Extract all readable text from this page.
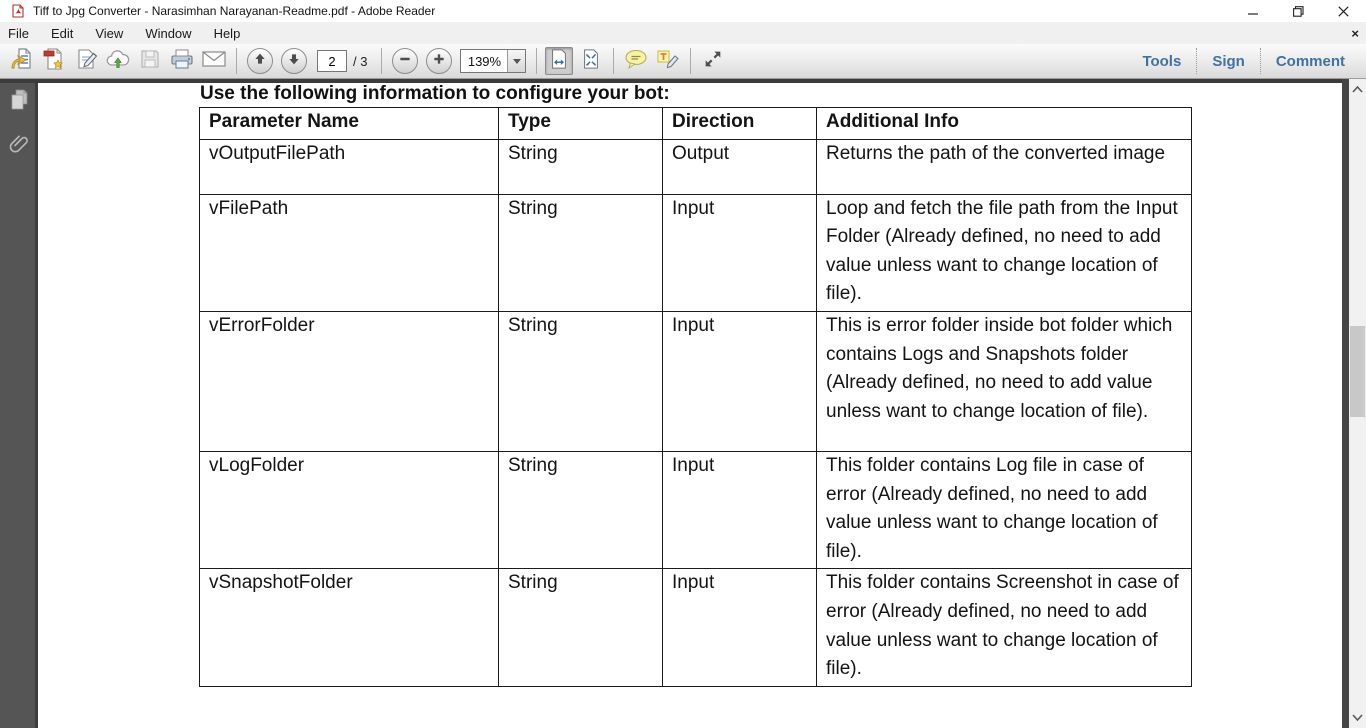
Tiff to Jpg Converter - Narasimhan Narayanan-Readme.pdf - Adobe Reader
File	Edit	View	Window	Help	×
2
/ 3	139%	Tools	Sign	Comment
Use the following information to configure your bot:
Parameter Name	Type	Direction	Additional Info
vOutputFilePath	String	Output	Returns the path of the converted image
vFilePath	String	Input	Loop and fetch the file path from the Input Folder (Already defined, no need to add value unless want to change location of file).
vErrorFolder	String	Input	This is error folder inside bot folder which contains Logs and Snapshots folder (Already defined, no need to add value unless want to change location of file).
vLogFolder	String	Input	This folder contains Log file in case of error (Already defined, no need to add value unless want to change location of file).
vSnapshotFolder	String	Input	This folder contains Screenshot in case of error (Already defined, no need to add value unless want to change location of file).
